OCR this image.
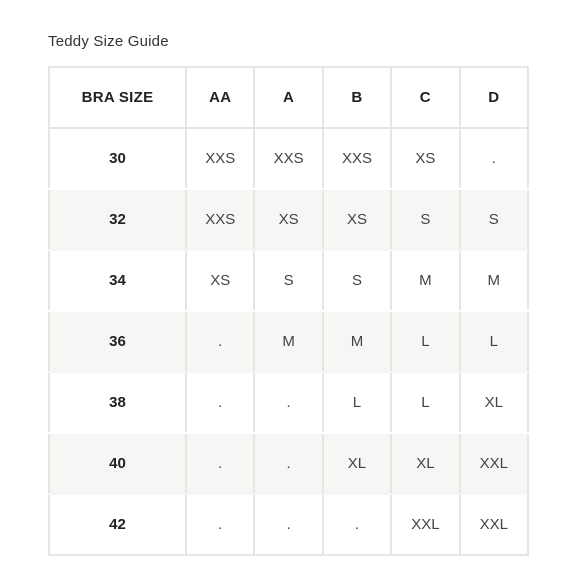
Teddy Size Guide
BRA SIZE	AA	A	B	C	D
30	XXS	XXS	XXS	XS	.
32	XXS	XS	XS	S	S
34	XS	S	S	M	M
36	.	M	M	L	L
38	.	.	L	L	XL
40	.	.	XL	XL	XXL
42	.	.	.	XXL	XXL
